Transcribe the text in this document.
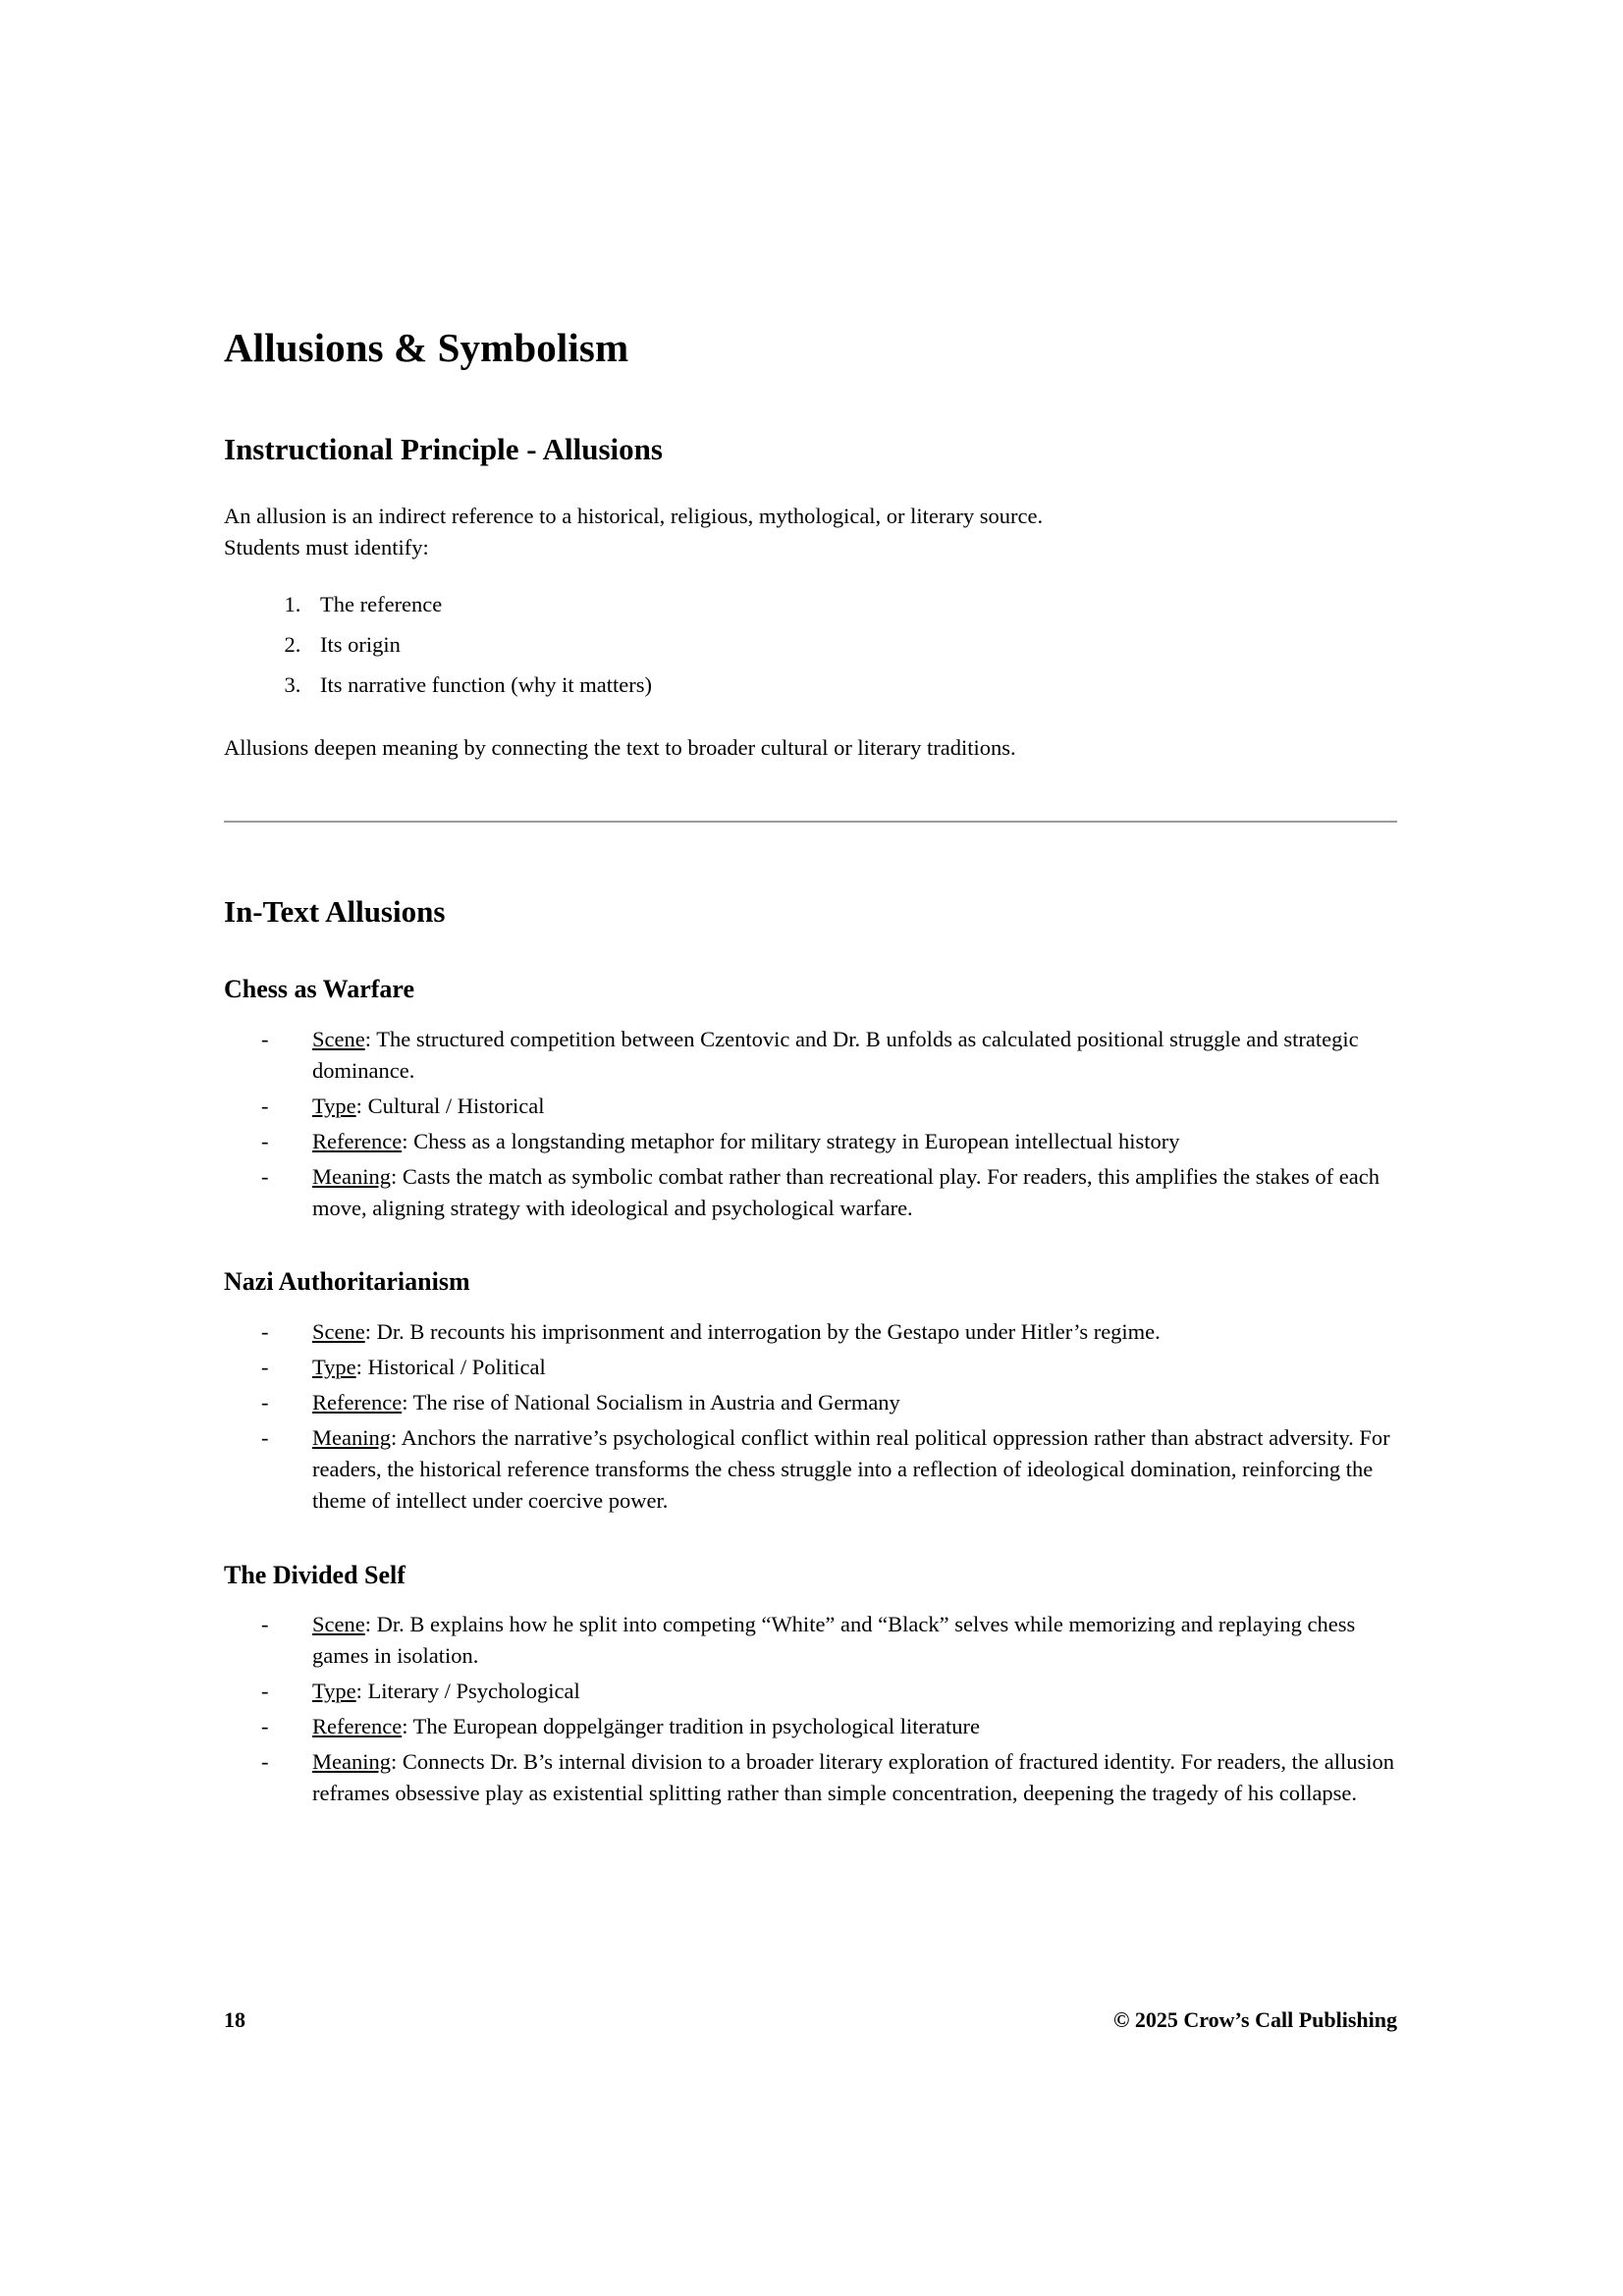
Allusions & Symbolism
Instructional Principle - Allusions

An allusion is an indirect reference to a historical, religious, mythological, or literary source.
Students must identify:

1. The reference
2. Its origin
3. Its narrative function (why it matters)

Allusions deepen meaning by connecting the text to broader cultural or literary traditions.

In-Text Allusions
Chess as Warfare
- Scene: The structured competition between Czentovic and Dr. B unfolds as calculated positional struggle and strategic dominance.
- Type: Cultural / Historical
- Reference: Chess as a longstanding metaphor for military strategy in European intellectual history
- Meaning: Casts the match as symbolic combat rather than recreational play. For readers, this amplifies the stakes of each move, aligning strategy with ideological and psychological warfare.
Nazi Authoritarianism
- Scene: Dr. B recounts his imprisonment and interrogation by the Gestapo under Hitler’s regime.
- Type: Historical / Political
- Reference: The rise of National Socialism in Austria and Germany
- Meaning: Anchors the narrative’s psychological conflict within real political oppression rather than abstract adversity. For readers, the historical reference transforms the chess struggle into a reflection of ideological domination, reinforcing the theme of intellect under coercive power.
The Divided Self
- Scene: Dr. B explains how he split into competing “White” and “Black” selves while memorizing and replaying chess games in isolation.
- Type: Literary / Psychological
- Reference: The European doppelgänger tradition in psychological literature
- Meaning: Connects Dr. B’s internal division to a broader literary exploration of fractured identity. For readers, the allusion reframes obsessive play as existential splitting rather than simple concentration, deepening the tragedy of his collapse.
18	© 2025 Crow’s Call Publishing
